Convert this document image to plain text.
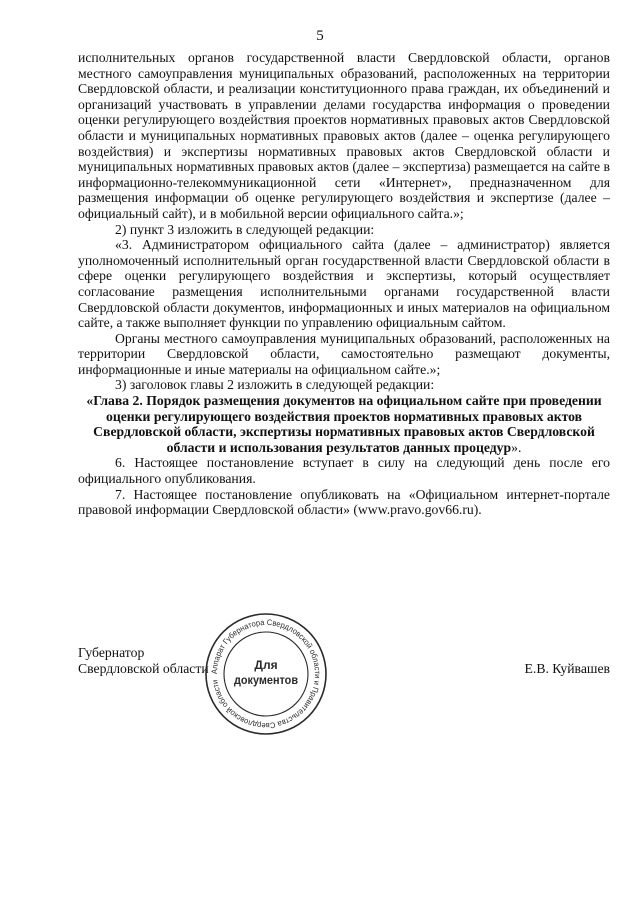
5

исполнительных органов государственной власти Свердловской области, органов местного самоуправления муниципальных образований, расположенных на территории Свердловской области, и реализации конституционного права граждан, их объединений и организаций участвовать в управлении делами государства информация о проведении оценки регулирующего воздействия проектов нормативных правовых актов Свердловской области и муниципальных нормативных правовых актов (далее – оценка регулирующего воздействия) и экспертизы нормативных правовых актов Свердловской области и муниципальных нормативных правовых актов (далее – экспертиза) размещается на сайте в информационно-телекоммуникационной сети «Интернет», предназначенном для размещения информации об оценке регулирующего воздействия и экспертизе (далее – официальный сайт), и в мобильной версии официального сайта.»;

2) пункт 3 изложить в следующей редакции:

«3. Администратором официального сайта (далее – администратор) является уполномоченный исполнительный орган государственной власти Свердловской области в сфере оценки регулирующего воздействия и экспертизы, который осуществляет согласование размещения исполнительными органами государственной власти Свердловской области документов, информационных и иных материалов на официальном сайте, а также выполняет функции по управлению официальным сайтом.

Органы местного самоуправления муниципальных образований, расположенных на территории Свердловской области, самостоятельно размещают документы, информационные и иные материалы на официальном сайте.»;

3) заголовок главы 2 изложить в следующей редакции:

«Глава 2. Порядок размещения документов на официальном сайте при проведении оценки регулирующего воздействия проектов нормативных правовых актов Свердловской области, экспертизы нормативных правовых актов Свердловской области и использования результатов данных процедур».

6. Настоящее постановление вступает в силу на следующий день после его официального опубликования.

7. Настоящее постановление опубликовать на «Официальном интернет-портале правовой информации Свердловской области» (www.pravo.gov66.ru).

Губернатор
Свердловской области	Е.В. Куйвашев
Аппарат Губернатора Свердловской области и Правительства Свердловской области
Для
документов
